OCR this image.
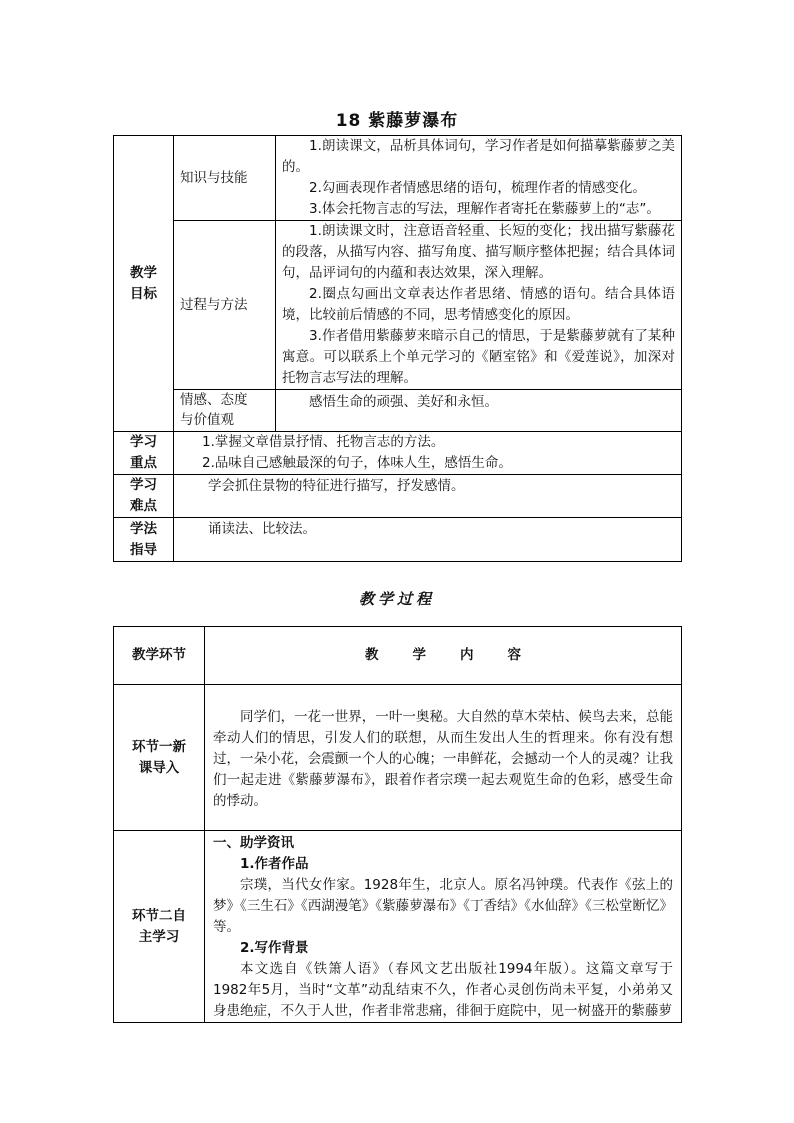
18 紫藤萝瀑布
教学目标	知识与技能	1.朗读课文，品析具体词句，学习作者是如何描摹紫藤萝之美的。

2.勾画表现作者情感思绪的语句，梳理作者的情感变化。

3.体会托物言志的写法，理解作者寄托在紫藤萝上的“志”。

	过程与方法	1.朗读课文时，注意语音轻重、长短的变化；找出描写紫藤花的段落，从描写内容、描写角度、描写顺序整体把握；结合具体词句，品评词句的内蕴和表达效果，深入理解。

2.圈点勾画出文章表达作者思绪、情感的语句。结合具体语境，比较前后情感的不同，思考情感变化的原因。

3.作者借用紫藤萝来暗示自己的情思，于是紫藤萝就有了某种寓意。可以联系上个单元学习的《陋室铭》和《爱莲说》，加深对托物言志写法的理解。

	情感、态度与价值观	感悟生命的顽强、美好和永恒。

学习重点	1.掌握文章借景抒情、托物言志的方法。

2.品味自己感触最深的句子，体味人生，感悟生命。	

学习难点	学会抓住景物的特征进行描写，抒发感情。	

学法指导	诵读法、比较法。	

教学过程
教学环节	教学内容

环节一新课导入	同学们，一花一世界，一叶一奥秘。大自然的草木荣枯、候鸟去来，总能牵动人们的情思，引发人们的联想，从而生发出人生的哲理来。你有没有想过，一朵小花，会震颤一个人的心魄；一串鲜花，会撼动一个人的灵魂？让我们一起走进《紫藤萝瀑布》，跟着作者宗璞一起去观览生命的色彩，感受生命的悸动。

环节二自主学习	一、助学资讯

1.作者作品

宗璞，当代女作家。1928年生，北京人。原名冯钟璞。代表作《弦上的梦》《三生石》《西湖漫笔》《紫藤萝瀑布》《丁香结》《水仙辞》《三松堂断忆》等。

2.写作背景

本文选自《铁箫人语》（春风文艺出版社1994年版）。这篇文章写于1982年5月，当时“文革”动乱结束不久，作者心灵创伤尚未平复，小弟弟又身患绝症，不久于人世，作者非常悲痛，徘徊于庭院中，见一树盛开的紫藤萝
